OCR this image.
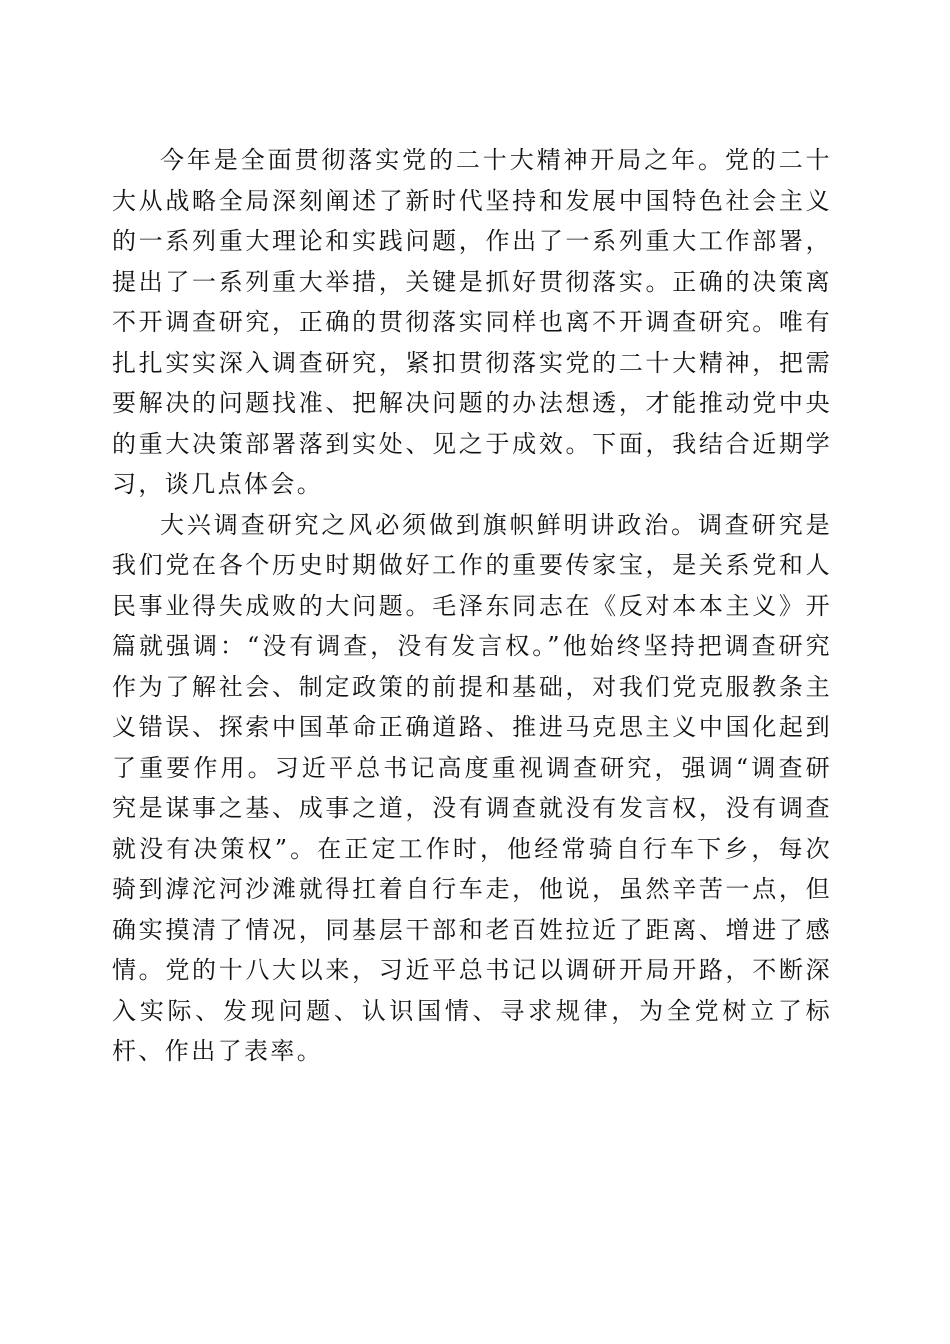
今年是全面贯彻落实党的二十大精神开局之年。党的二十大从战略全局深刻阐述了新时代坚持和发展中国特色社会主义的一系列重大理论和实践问题，作出了一系列重大工作部署，提出了一系列重大举措，关键是抓好贯彻落实。正确的决策离不开调查研究，正确的贯彻落实同样也离不开调查研究。唯有扎扎实实深入调查研究，紧扣贯彻落实党的二十大精神，把需要解决的问题找准、把解决问题的办法想透，才能推动党中央的重大决策部署落到实处、见之于成效。下面，我结合近期学习，谈几点体会。

大兴调查研究之风必须做到旗帜鲜明讲政治。调查研究是我们党在各个历史时期做好工作的重要传家宝，是关系党和人民事业得失成败的大问题。毛泽东同志在《反对本本主义》开篇就强调：“没有调查，没有发言权。”他始终坚持把调查研究作为了解社会、制定政策的前提和基础，对我们党克服教条主义错误、探索中国革命正确道路、推进马克思主义中国化起到了重要作用。习近平总书记高度重视调查研究，强调“调查研究是谋事之基、成事之道，没有调查就没有发言权，没有调查就没有决策权”。在正定工作时，他经常骑自行车下乡，每次骑到滹沱河沙滩就得扛着自行车走，他说，虽然辛苦一点，但确实摸清了情况，同基层干部和老百姓拉近了距离、增进了感情。党的十八大以来，习近平总书记以调研开局开路，不断深入实际、发现问题、认识国情、寻求规律，为全党树立了标杆、作出了表率。
